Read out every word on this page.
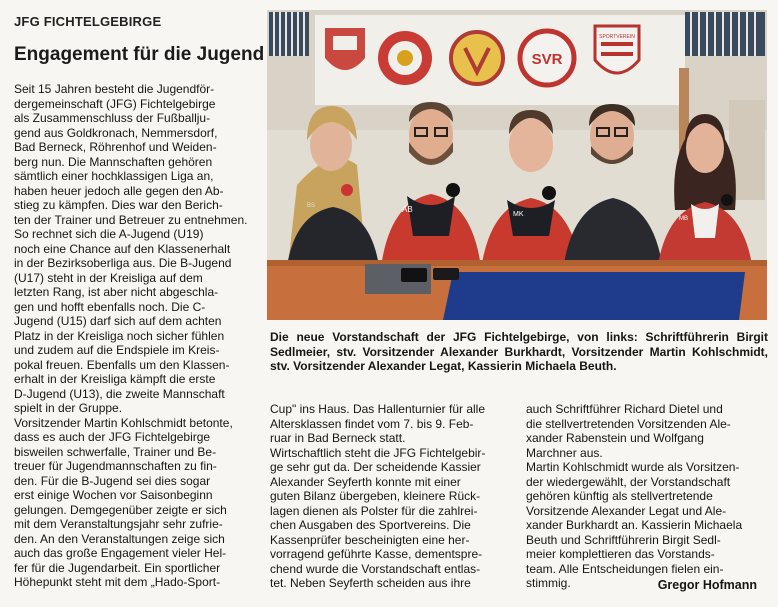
JFG FICHTELGEBIRGE
Engagement für die Jugend
Seit 15 Jahren besteht die Jugendför-
dergemeinschaft (JFG) Fichtelgebirge
als Zusammenschluss der Fußballju-
gend aus Goldkronach, Nemmersdorf,
Bad Berneck, Röhrenhof und Weiden-
berg nun. Die Mannschaften gehören
sämtlich einer hochklassigen Liga an,
haben heuer jedoch alle gegen den Ab-
stieg zu kämpfen. Dies war den Berich-
ten der Trainer und Betreuer zu entnehmen.
So rechnet sich die A-Jugend (U19)
noch eine Chance auf den Klassenerhalt
in der Bezirksoberliga aus. Die B-Jugend
(U17) steht in der Kreisliga auf dem
letzten Rang, ist aber nicht abgeschla-
gen und hofft ebenfalls noch. Die C-
Jugend (U15) darf sich auf dem achten
Platz in der Kreisliga noch sicher fühlen
und zudem auf die Endspiele im Kreis-
pokal freuen. Ebenfalls um den Klassen-
erhalt in der Kreisliga kämpft die erste
D-Jugend (U13), die zweite Mannschaft
spielt in der Gruppe.
Vorsitzender Martin Kohlschmidt betonte,
dass es auch der JFG Fichtelgebirge
bisweilen schwerfalle, Trainer und Be-
treuer für Jugendmannschaften zu fin-
den. Für die B-Jugend sei dies sogar
erst einige Wochen vor Saisonbeginn
gelungen. Demgegenüber zeigte er sich
mit dem Veranstaltungsjahr sehr zufrie-
den. An den Veranstaltungen zeige sich
auch das große Engagement vieler Hel-
fer für die Jugendarbeit. Ein sportlicher
Höhepunkt steht mit dem „Hado-Sport-
SVR
SPORTVEREIN
BS	AB
MK
MB
Die neue Vorstandschaft der JFG Fichtelgebirge, von links: Schriftführerin Birgit Sedlmeier, stv. Vorsitzender Alexander Burkhardt, Vorsitzender Martin Kohlschmidt, stv. Vorsitzender Alexander Legat, Kassierin Michaela Beuth.
Cup" ins Haus. Das Hallenturnier für alle
Altersklassen findet vom 7. bis 9. Feb-
ruar in Bad Berneck statt.
Wirtschaftlich steht die JFG Fichtelgebir-
ge sehr gut da. Der scheidende Kassier
Alexander Seyferth konnte mit einer
guten Bilanz übergeben, kleinere Rück-
lagen dienen als Polster für die zahlrei-
chen Ausgaben des Sportvereins. Die
Kassenprüfer bescheinigten eine her-
vorragend geführte Kasse, dementspre-
chend wurde die Vorstandschaft entlas-
tet. Neben Seyferth scheiden aus ihre
auch Schriftführer Richard Dietel und
die stellvertretenden Vorsitzenden Ale-
xander Rabenstein und Wolfgang
Marchner aus.
Martin Kohlschmidt wurde als Vorsitzen-
der wiedergewählt, der Vorstandschaft
gehören künftig als stellvertretende
Vorsitzende Alexander Legat und Ale-
xander Burkhardt an. Kassierin Michaela
Beuth und Schriftführerin Birgit Sedl-
meier komplettieren das Vorstands-
team. Alle Entscheidungen fielen ein-
stimmig.	Gregor Hofmann
